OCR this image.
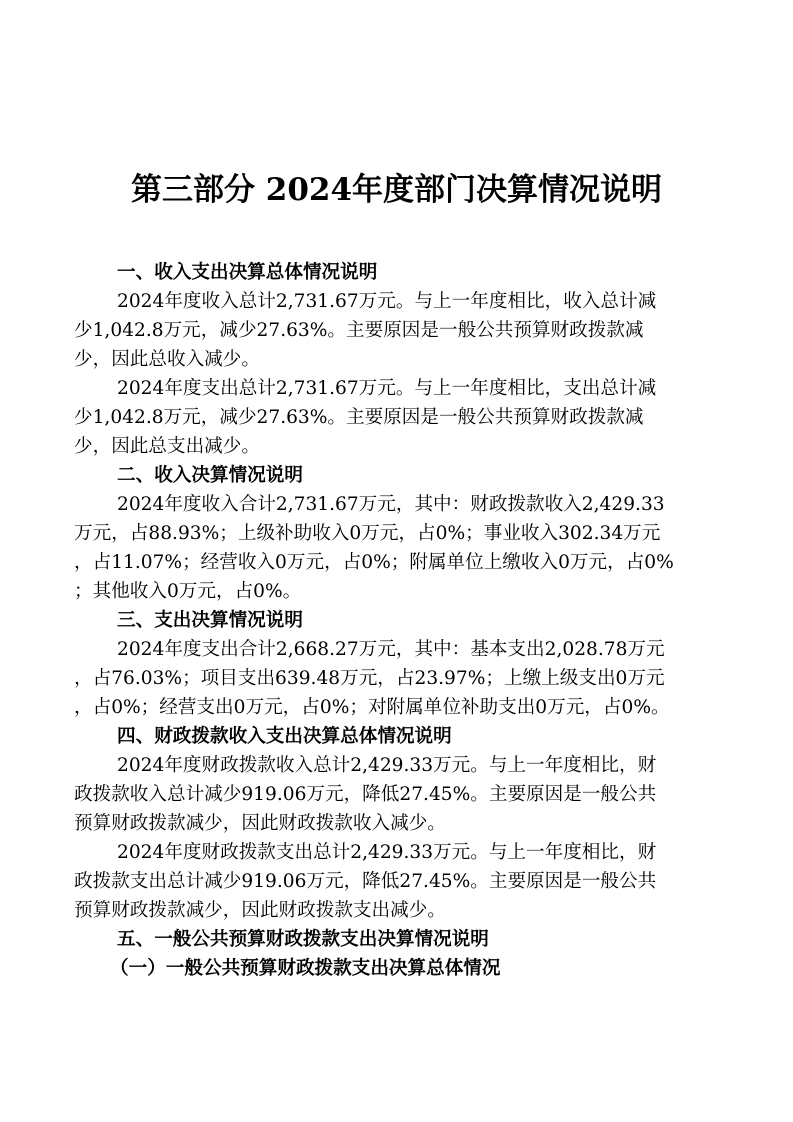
第三部分 2024年度部门决算情况说明
一、收入支出决算总体情况说明
2024年度收入总计2,731.67万元。与上一年度相比，收入总计减
少1,042.8万元，减少27.63%。主要原因是一般公共预算财政拨款减
少，因此总收入减少。
2024年度支出总计2,731.67万元。与上一年度相比，支出总计减
少1,042.8万元，减少27.63%。主要原因是一般公共预算财政拨款减
少，因此总支出减少。
二、收入决算情况说明
2024年度收入合计2,731.67万元，其中：财政拨款收入2,429.33
万元，占88.93%；上级补助收入0万元，占0%；事业收入302.34万元
，占11.07%；经营收入0万元，占0%；附属单位上缴收入0万元，占0%
；其他收入0万元，占0%。
三、支出决算情况说明
2024年度支出合计2,668.27万元，其中：基本支出2,028.78万元
，占76.03%；项目支出639.48万元，占23.97%；上缴上级支出0万元
，占0%；经营支出0万元，占0%；对附属单位补助支出0万元，占0%。
四、财政拨款收入支出决算总体情况说明
2024年度财政拨款收入总计2,429.33万元。与上一年度相比，财
政拨款收入总计减少919.06万元，降低27.45%。主要原因是一般公共
预算财政拨款减少，因此财政拨款收入减少。
2024年度财政拨款支出总计2,429.33万元。与上一年度相比，财
政拨款支出总计减少919.06万元，降低27.45%。主要原因是一般公共
预算财政拨款减少，因此财政拨款支出减少。
五、一般公共预算财政拨款支出决算情况说明
（一）一般公共预算财政拨款支出决算总体情况
